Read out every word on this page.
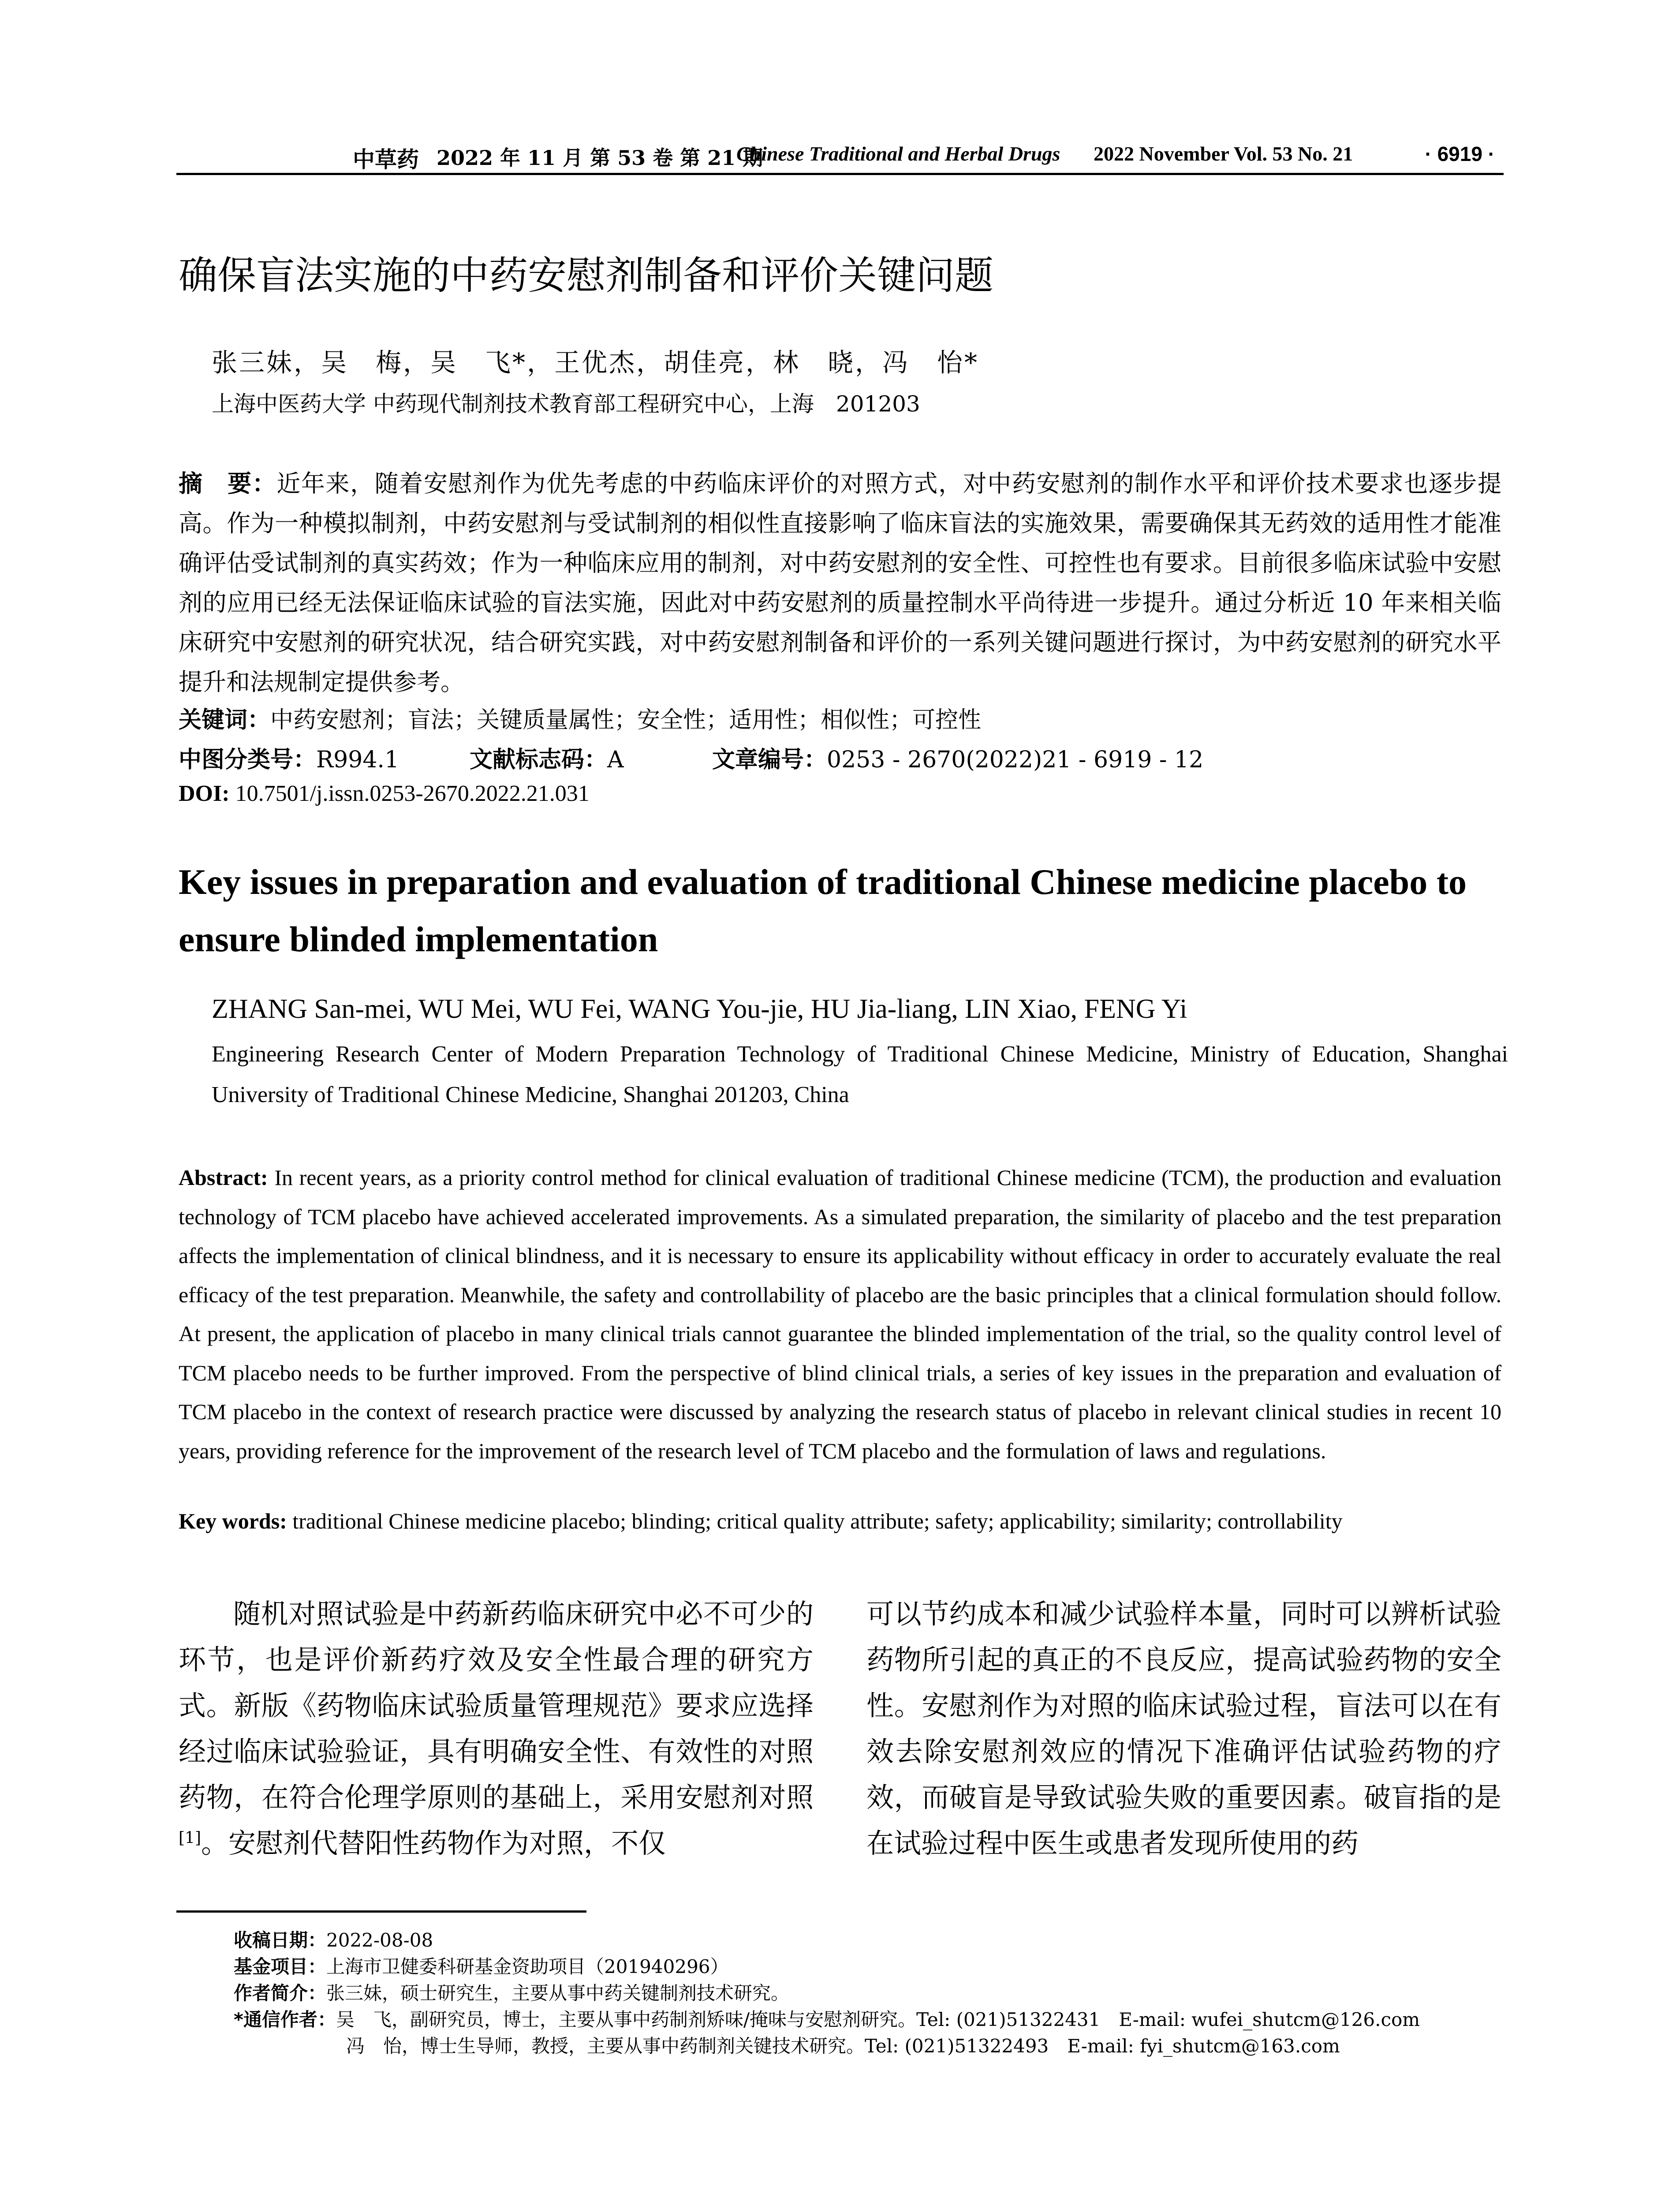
中草药 2022 年 11 月 第 53 卷 第 21 期
Chinese Traditional and Herbal Drugs 2022 November Vol. 53 No. 21	· 6919 ·
确保盲法实施的中药安慰剂制备和评价关键问题
张三妹，吴　梅，吴　飞*，王优杰，胡佳亮，林　晓，冯　怡*
上海中医药大学 中药现代制剂技术教育部工程研究中心，上海　201203
摘　要：近年来，随着安慰剂作为优先考虑的中药临床评价的对照方式，对中药安慰剂的制作水平和评价技术要求也逐步提高。作为一种模拟制剂，中药安慰剂与受试制剂的相似性直接影响了临床盲法的实施效果，需要确保其无药效的适用性才能准确评估受试制剂的真实药效；作为一种临床应用的制剂，对中药安慰剂的安全性、可控性也有要求。目前很多临床试验中安慰剂的应用已经无法保证临床试验的盲法实施，因此对中药安慰剂的质量控制水平尚待进一步提升。通过分析近 10 年来相关临床研究中安慰剂的研究状况，结合研究实践，对中药安慰剂制备和评价的一系列关键问题进行探讨，为中药安慰剂的研究水平提升和法规制定提供参考。
关键词：中药安慰剂；盲法；关键质量属性；安全性；适用性；相似性；可控性
中图分类号：R994.1	文献标志码：A	文章编号：0253 - 2670(2022)21 - 6919 - 12
DOI: 10.7501/j.issn.0253-2670.2022.21.031
Key issues in preparation and evaluation of traditional Chinese medicine placebo to ensure blinded implementation
ZHANG San-mei, WU Mei, WU Fei, WANG You-jie, HU Jia-liang, LIN Xiao, FENG Yi
Engineering Research Center of Modern Preparation Technology of Traditional Chinese Medicine, Ministry of Education, Shanghai University of Traditional Chinese Medicine, Shanghai 201203, China
Abstract: In recent years, as a priority control method for clinical evaluation of traditional Chinese medicine (TCM), the production and evaluation technology of TCM placebo have achieved accelerated improvements. As a simulated preparation, the similarity of placebo and the test preparation affects the implementation of clinical blindness, and it is necessary to ensure its applicability without efficacy in order to accurately evaluate the real efficacy of the test preparation. Meanwhile, the safety and controllability of placebo are the basic principles that a clinical formulation should follow. At present, the application of placebo in many clinical trials cannot guarantee the blinded implementation of the trial, so the quality control level of TCM placebo needs to be further improved. From the perspective of blind clinical trials, a series of key issues in the preparation and evaluation of TCM placebo in the context of research practice were discussed by analyzing the research status of placebo in relevant clinical studies in recent 10 years, providing reference for the improvement of the research level of TCM placebo and the formulation of laws and regulations.
Key words: traditional Chinese medicine placebo; blinding; critical quality attribute; safety; applicability; similarity; controllability
随机对照试验是中药新药临床研究中必不可少的环节，也是评价新药疗效及安全性最合理的研究方式。新版《药物临床试验质量管理规范》要求应选择经过临床试验验证，具有明确安全性、有效性的对照药物，在符合伦理学原则的基础上，采用安慰剂对照[1]。安慰剂代替阳性药物作为对照，不仅
可以节约成本和减少试验样本量，同时可以辨析试验药物所引起的真正的不良反应，提高试验药物的安全性。安慰剂作为对照的临床试验过程，盲法可以在有效去除安慰剂效应的情况下准确评估试验药物的疗效，而破盲是导致试验失败的重要因素。破盲指的是在试验过程中医生或患者发现所使用的药
收稿日期：2022-08-08
基金项目：上海市卫健委科研基金资助项目（201940296）
作者简介：张三妹，硕士研究生，主要从事中药关键制剂技术研究。
*通信作者：吴　飞，副研究员，博士，主要从事中药制剂矫味/掩味与安慰剂研究。Tel: (021)51322431　E-mail: wufei_shutcm@126.com
冯　怡，博士生导师，教授，主要从事中药制剂关键技术研究。Tel: (021)51322493　E-mail: fyi_shutcm@163.com
